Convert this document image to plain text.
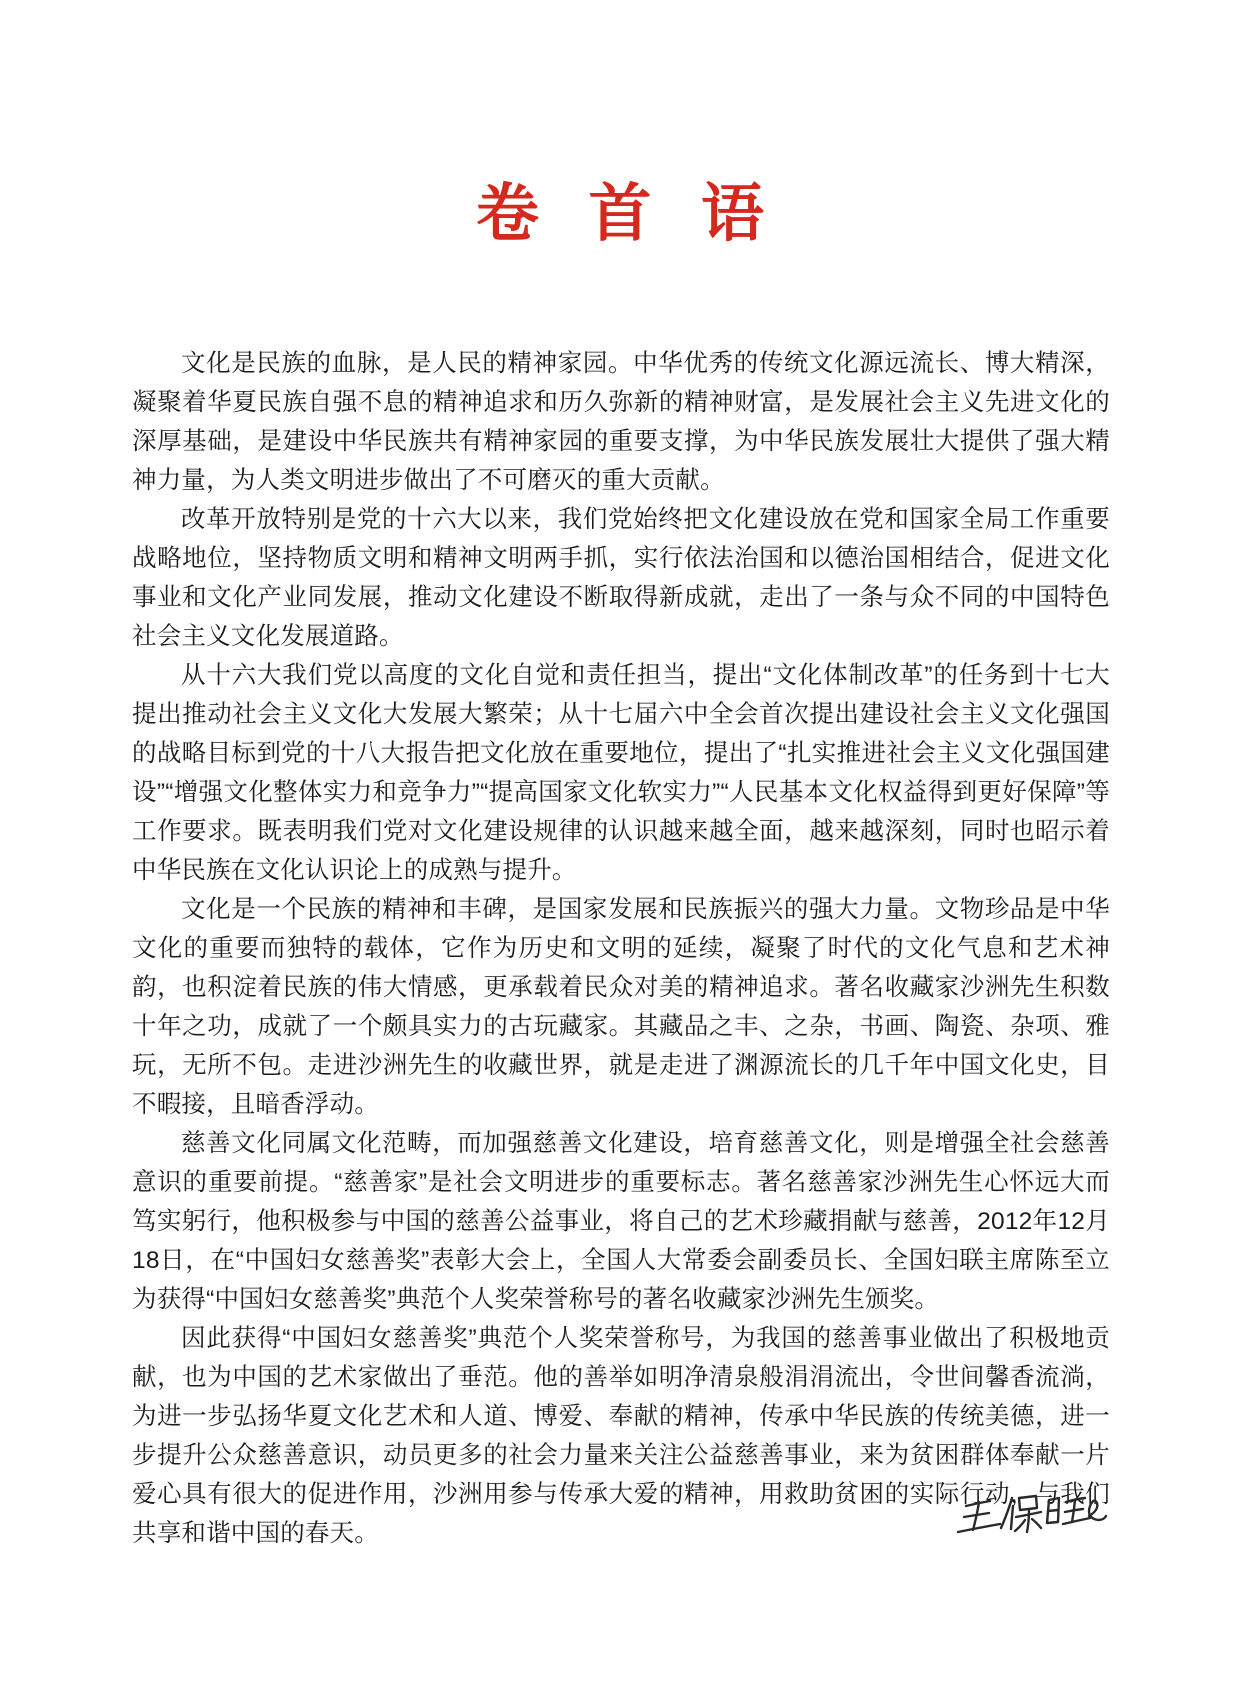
卷 首 语

文化是民族的血脉，是人民的精神家园。中华优秀的传统文化源远流长、博大精深，凝聚着华夏民族自强不息的精神追求和历久弥新的精神财富，是发展社会主义先进文化的深厚基础，是建设中华民族共有精神家园的重要支撑，为中华民族发展壮大提供了强大精神力量，为人类文明进步做出了不可磨灭的重大贡献。

改革开放特别是党的十六大以来，我们党始终把文化建设放在党和国家全局工作重要战略地位，坚持物质文明和精神文明两手抓，实行依法治国和以德治国相结合，促进文化事业和文化产业同发展，推动文化建设不断取得新成就，走出了一条与众不同的中国特色社会主义文化发展道路。

从十六大我们党以高度的文化自觉和责任担当，提出“文化体制改革”的任务到十七大提出推动社会主义文化大发展大繁荣；从十七届六中全会首次提出建设社会主义文化强国的战略目标到党的十八大报告把文化放在重要地位，提出了“扎实推进社会主义文化强国建设”“增强文化整体实力和竞争力”“提高国家文化软实力”“人民基本文化权益得到更好保障”等工作要求。既表明我们党对文化建设规律的认识越来越全面，越来越深刻，同时也昭示着中华民族在文化认识论上的成熟与提升。

文化是一个民族的精神和丰碑，是国家发展和民族振兴的强大力量。文物珍品是中华文化的重要而独特的载体，它作为历史和文明的延续，凝聚了时代的文化气息和艺术神韵，也积淀着民族的伟大情感，更承载着民众对美的精神追求。著名收藏家沙洲先生积数十年之功，成就了一个颇具实力的古玩藏家。其藏品之丰、之杂，书画、陶瓷、杂项、雅玩，无所不包。走进沙洲先生的收藏世界，就是走进了渊源流长的几千年中国文化史，目不暇接，且暗香浮动。

慈善文化同属文化范畴，而加强慈善文化建设，培育慈善文化，则是增强全社会慈善意识的重要前提。“慈善家”是社会文明进步的重要标志。著名慈善家沙洲先生心怀远大而笃实躬行，他积极参与中国的慈善公益事业，将自己的艺术珍藏捐献与慈善，2012年12月18日，在“中国妇女慈善奖”表彰大会上，全国人大常委会副委员长、全国妇联主席陈至立为获得“中国妇女慈善奖”典范个人奖荣誉称号的著名收藏家沙洲先生颁奖。

因此获得“中国妇女慈善奖”典范个人奖荣誉称号，为我国的慈善事业做出了积极地贡献，也为中国的艺术家做出了垂范。他的善举如明净清泉般涓涓流出，令世间馨香流淌，为进一步弘扬华夏文化艺术和人道、博爱、奉献的精神，传承中华民族的传统美德，进一步提升公众慈善意识，动员更多的社会力量来关注公益慈善事业，来为贫困群体奉献一片爱心具有很大的促进作用，沙洲用参与传承大爱的精神，用救助贫困的实际行动，与我们共享和谐中国的春天。
